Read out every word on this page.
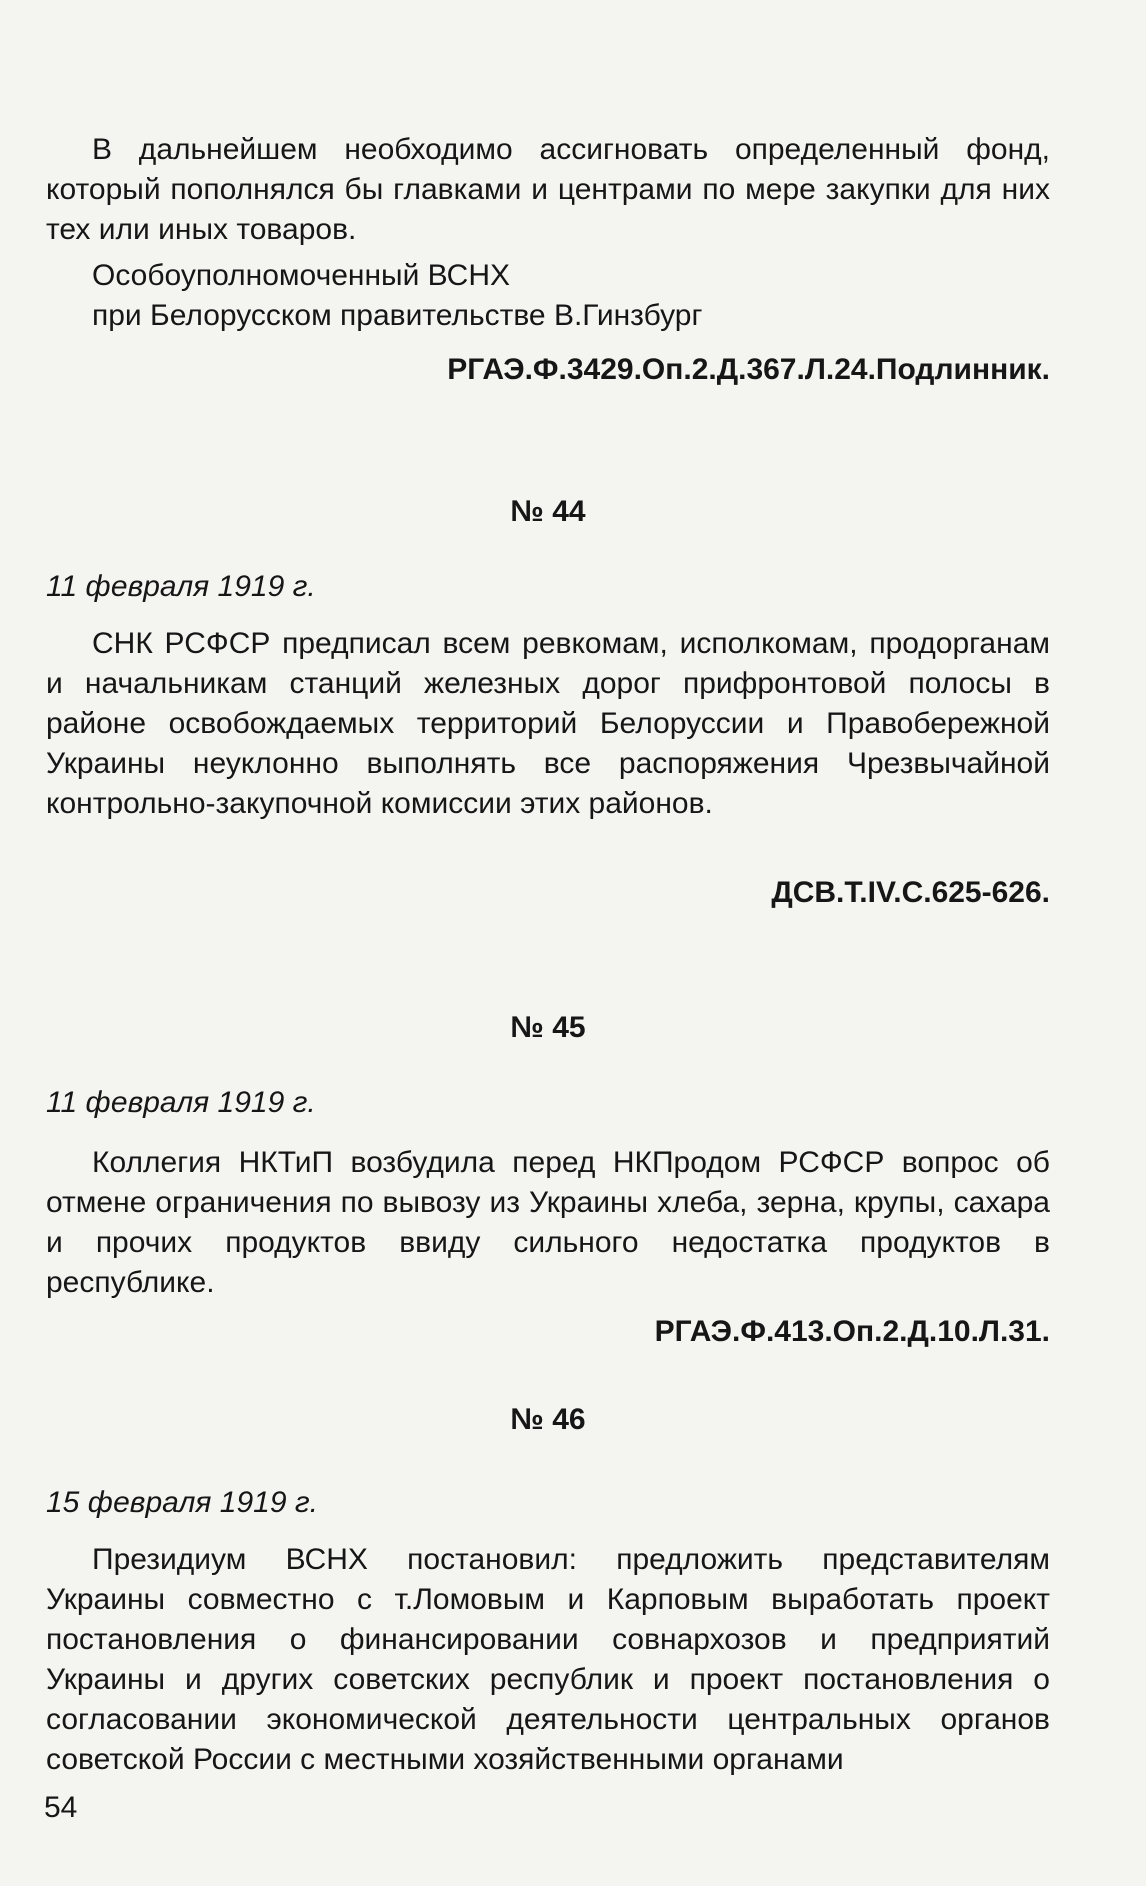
В дальнейшем необходимо ассигновать определенный фонд, который пополнялся бы главками и центрами по мере закупки для них тех или иных товаров.

Особоуполномоченный ВСНХ

при Белорусском правительстве В.Гинзбург

РГАЭ.Ф.3429.Оп.2.Д.367.Л.24.Подлинник.

№ 44

11 февраля 1919 г.

СНК РСФСР предписал всем ревкомам, исполкомам, продорганам и начальникам станций железных дорог прифронтовой полосы в районе освобождаемых территорий Белоруссии и Правобережной Украины неуклонно выполнять все распоряжения Чрезвычайной контрольно-закупочной комиссии этих районов.

ДСВ.Т.IV.С.625-626.

№ 45

11 февраля 1919 г.

Коллегия НКТиП возбудила перед НКПродом РСФСР вопрос об отмене ограничения по вывозу из Украины хлеба, зерна, крупы, сахара и прочих продуктов ввиду сильного недостатка продуктов в республике.

РГАЭ.Ф.413.Оп.2.Д.10.Л.31.

№ 46

15 февраля 1919 г.

Президиум ВСНХ постановил: предложить представителям Украины совместно с т.Ломовым и Карповым выработать проект постановления о финансировании совнархозов и предприятий Украины и других советских республик и проект постановления о согласовании экономической деятельности центральных органов советской России с местными хозяйственными органами

54
